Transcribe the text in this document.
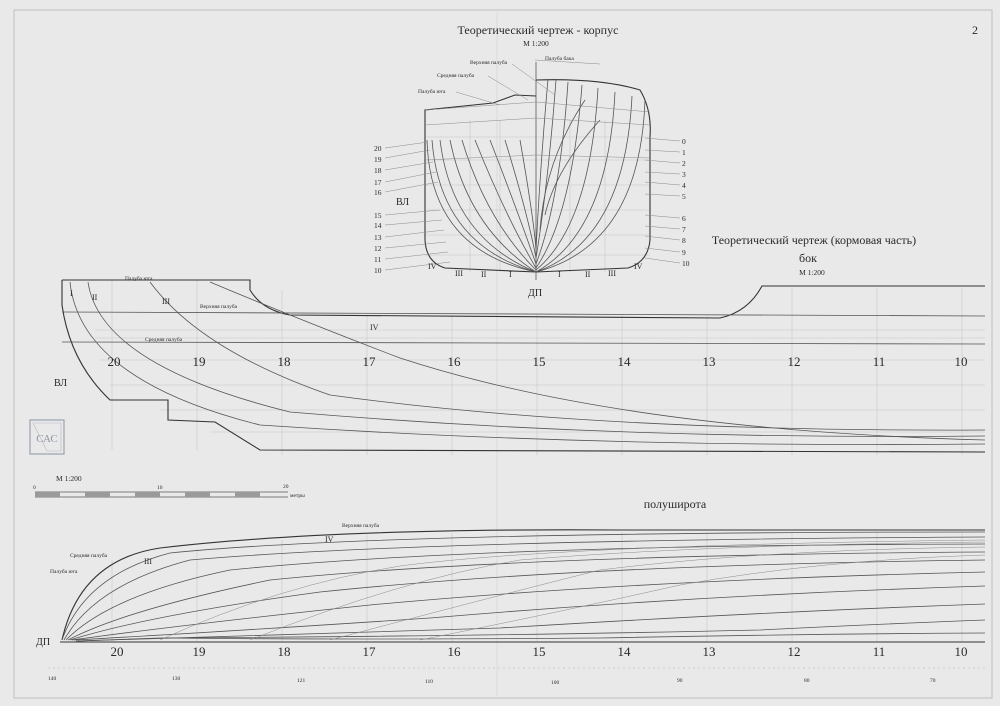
Теоретический чертеж - корпус
М 1:200
2
Теоретический чертеж (кормовая часть)
бок
М 1:200
полуширота
Палуба бака
Верхняя палуба
Средняя палуба
Палуба юта
20
19
18
17
16
15
14
13
12
11
10
0
1
2
3
4
5
6
7
8
9
10
ВЛ
ДП
IV
III II	I	I	II III
IV
Палуба юта
Верхняя палуба
Средняя палуба
I II	III
IV
ВЛ
20	19	18	17	16	15	14	13	12	11	10
САС
М 1:200
0	10	20
метры
Верхняя палуба
Средняя палуба
Палуба юта
IV
III
ДП
20	19	18	17	16	15	14	13	12	11	10
140	130	121	110	100	90	80	70
